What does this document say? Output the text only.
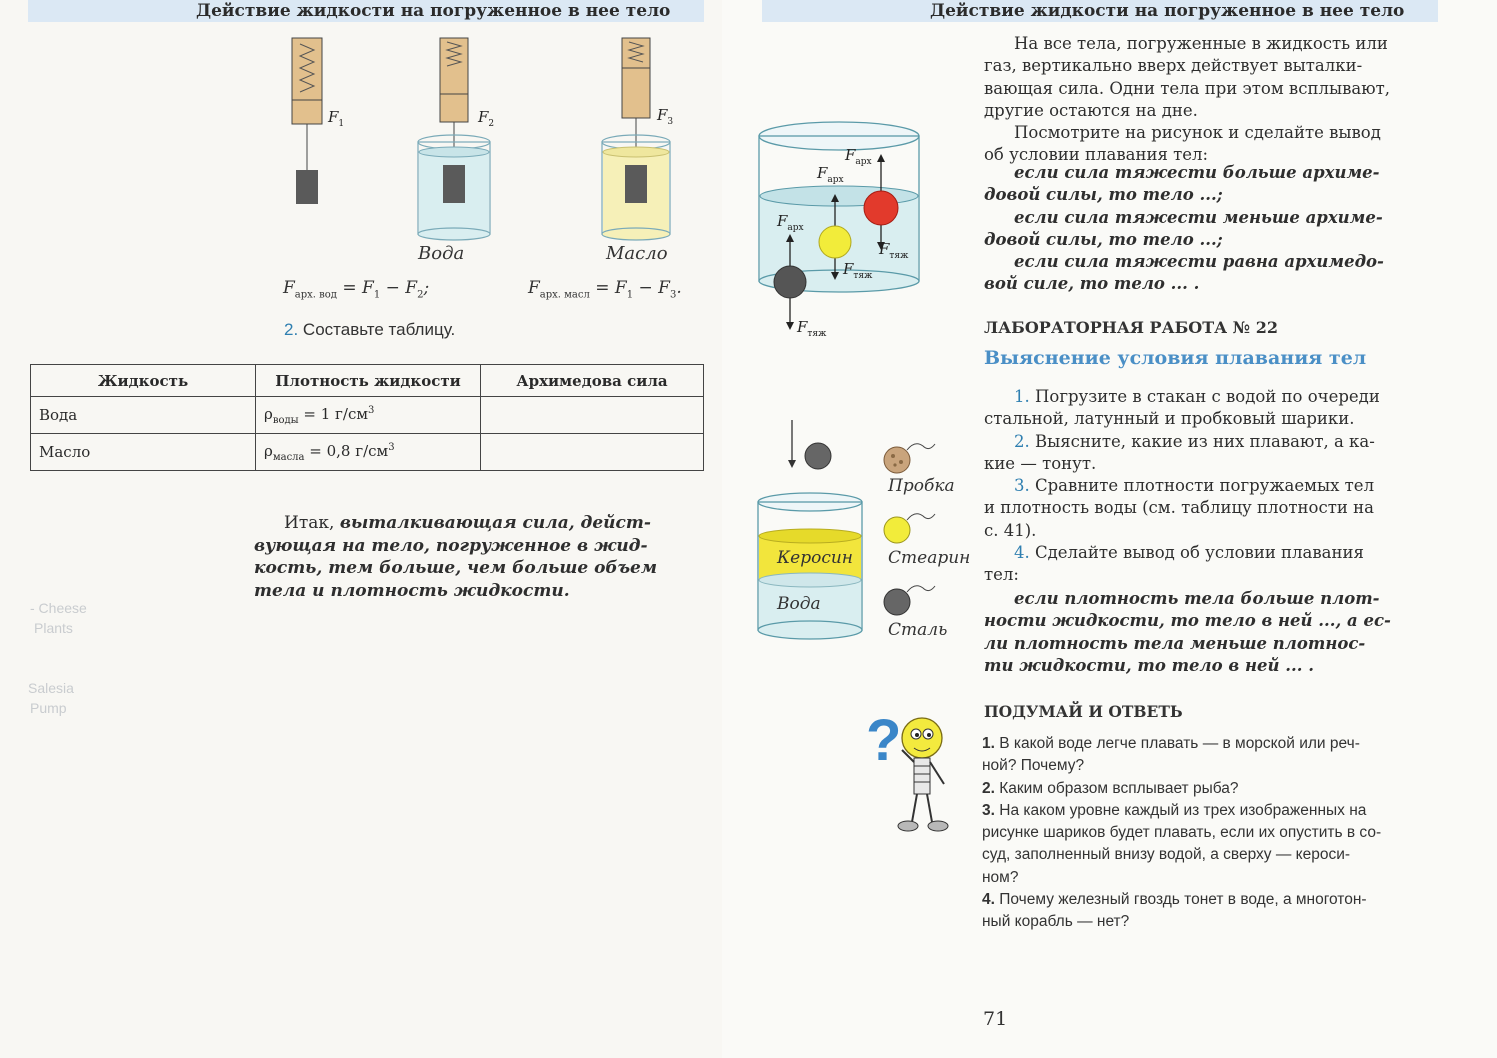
Действие жидкости на погруженное в нее тело
- Cheese
Plants
Salesia
Pump
$F_1$	$F_2$	$F_3$
Вода	Масло
$F_{арх. вод} = F_1 - F_2$;	$F_{арх. масл} = F_1 - F_3$.
2. Составьте таблицу.
Жидкость	Плотность жидкости	Архимедова сила
Вода	$\rho_{воды} = 1$ $г/см^3$	
Масло	$\rho_{масла} = 0,8$ $г/см^3$	
Итак, выталкивающая сила, дейст-
вующая на тело, погруженное в жид-
кость, тем больше, чем больше объем
тела и плотность жидкости.
Действие жидкости на погруженное в нее тело
$F_{арх}$
$F_{арх}$
$F_{арх}$
$F_{тяж}$
$F_{тяж}$
$F_{тяж}$
На все тела, погруженные в жидкость или
газ, вертикально вверх действует выталки-
вающая сила. Одни тела при этом всплывают,
другие остаются на дне.
Посмотрите на рисунок и сделайте вывод
об условии плавания тел:
если сила тяжести больше архиме-
довой силы, то тело ...;
если сила тяжести меньше архиме-
довой силы, то тело ...;
если сила тяжести равна архимедо-
вой силе, то тело ... .
ЛАБОРАТОРНАЯ РАБОТА № 22
Выяснение условия плавания тел
1. Погрузите в стакан с водой по очереди
стальной, латунный и пробковый шарики.
2. Выясните, какие из них плавают, а ка-
кие — тонут.
3. Сравните плотности погружаемых тел
и плотность воды (см. таблицу плотности на
с. 41).
4. Сделайте вывод об условии плавания
тел:
если плотность тела больше плот-
ности жидкости, то тело в ней ..., а ес-
ли плотность тела меньше плотнос-
ти жидкости, то тело в ней ... .
Керосин
Вода
Пробка
Стеарин
Сталь
?	ПОДУМАЙ И ОТВЕТЬ
1. В какой воде легче плавать — в морской или реч-
ной? Почему?
2. Каким образом всплывает рыба?
3. На каком уровне каждый из трех изображенных на
рисунке шариков будет плавать, если их опустить в со-
суд, заполненный внизу водой, а сверху — кероси-
ном?
4. Почему железный гвоздь тонет в воде, а многотон-
ный корабль — нет?
71
